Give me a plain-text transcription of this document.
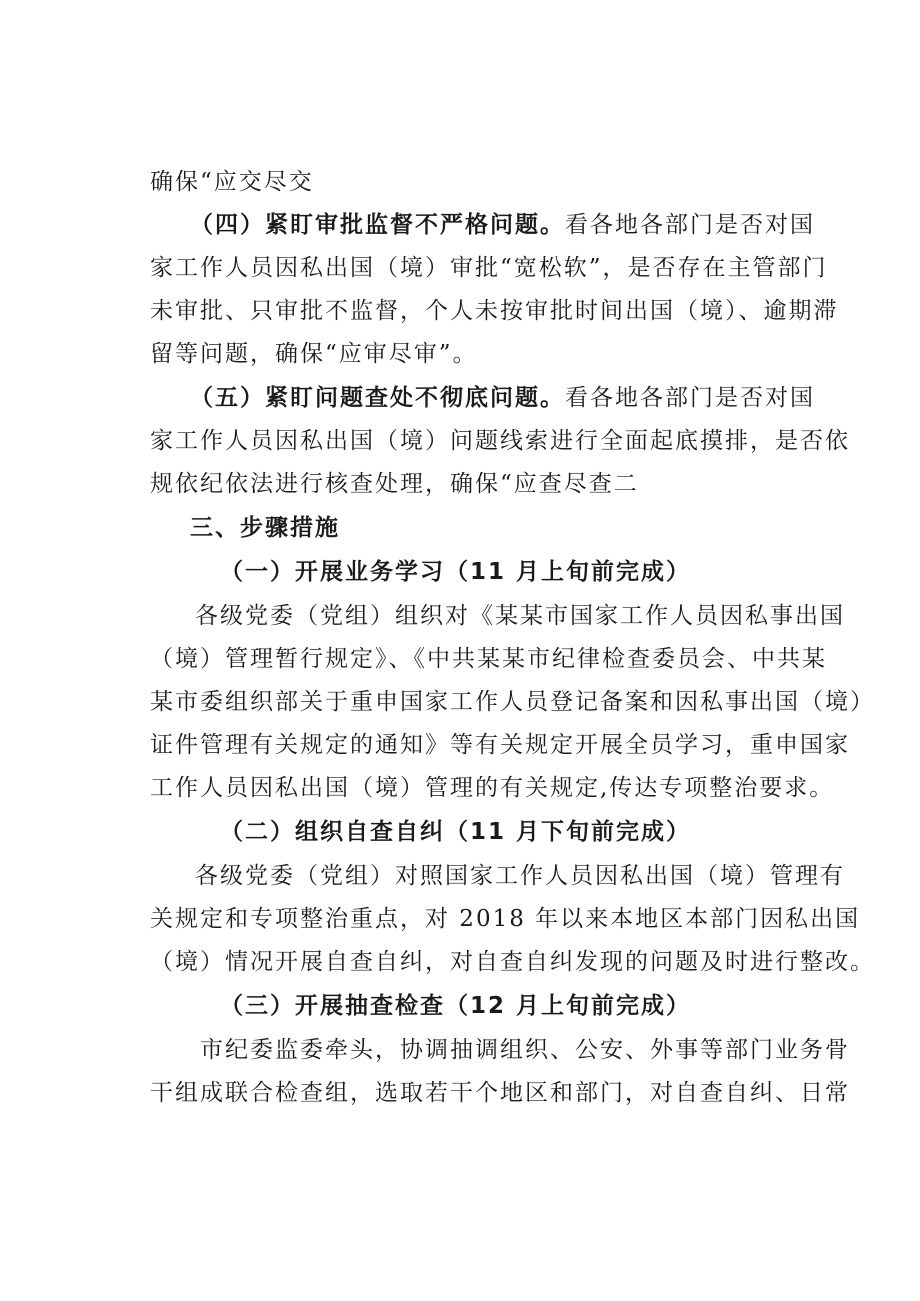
确保“应交尽交
（四）紧盯审批监督不严格问题。看各地各部门是否对国
家工作人员因私出国（境）审批“宽松软”，是否存在主管部门
未审批、只审批不监督，个人未按审批时间出国（境）、逾期滞
留等问题，确保“应审尽审”。
（五）紧盯问题查处不彻底问题。看各地各部门是否对国
家工作人员因私出国（境）问题线索进行全面起底摸排，是否依
规依纪依法进行核查处理，确保“应查尽查二
三、步骤措施
（一）开展业务学习（11 月上旬前完成）
各级党委（党组）组织对《某某市国家工作人员因私事出国
（境）管理暂行规定》、《中共某某市纪律检查委员会、中共某
某市委组织部关于重申国家工作人员登记备案和因私事出国（境）
证件管理有关规定的通知》等有关规定开展全员学习，重申国家
工作人员因私出国（境）管理的有关规定,传达专项整治要求。
（二）组织自查自纠（11 月下旬前完成）
各级党委（党组）对照国家工作人员因私出国（境）管理有
关规定和专项整治重点，对 2018 年以来本地区本部门因私出国
（境）情况开展自查自纠，对自查自纠发现的问题及时进行整改。
（三）开展抽查检查（12 月上旬前完成）
市纪委监委牵头，协调抽调组织、公安、外事等部门业务骨
干组成联合检查组，选取若干个地区和部门，对自查自纠、日常
